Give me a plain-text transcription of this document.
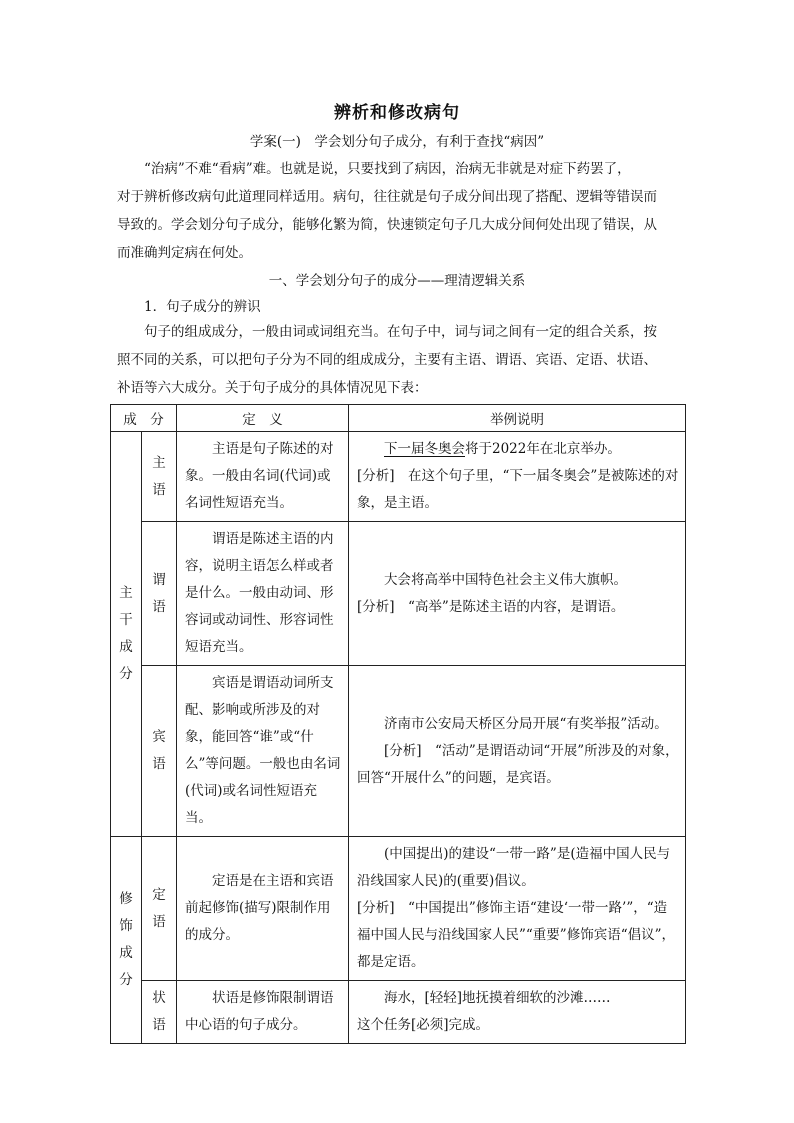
辨析和修改病句
学案(一)　学会划分句子成分，有利于查找“病因”
“治病”不难“看病”难。也就是说，只要找到了病因，治病无非就是对症下药罢了，
对于辨析修改病句此道理同样适用。病句，往往就是句子成分间出现了搭配、逻辑等错误而
导致的。学会划分句子成分，能够化繁为简，快速锁定句子几大成分间何处出现了错误，从
而准确判定病在何处。
一、学会划分句子的成分——理清逻辑关系
1．句子成分的辨识
句子的组成成分，一般由词或词组充当。在句子中，词与词之间有一定的组合关系，按
照不同的关系，可以把句子分为不同的组成成分，主要有主语、谓语、宾语、定语、状语、
补语等六大成分。关于句子成分的具体情况见下表：
成　分		定　义	举例说明

主干成分	主语	主语是句子陈述的对象。一般由名词(代词)或名词性短语充当。	下一届冬奥会将于2022年在北京举办。
[分析]　在这个句子里，“下一届冬奥会”是被陈述的对象，是主语。

	谓语	谓语是陈述主语的内容，说明主语怎么样或者是什么。一般由动词、形容词或动词性、形容词性短语充当。	大会将高举中国特色社会主义伟大旗帜。
[分析]　“高举”是陈述主语的内容，是谓语。

	宾语	宾语是谓语动词所支配、影响或所涉及的对象，能回答“谁”或“什么”等问题。一般也由名词(代词)或名词性短语充当。	济南市公安局天桥区分局开展“有奖举报”活动。
[分析]　“活动”是谓语动词“开展”所涉及的对象，回答“开展什么”的问题，是宾语。

修饰成分	定语	定语是在主语和宾语前起修饰(描写)限制作用的成分。	(中国提出)的建设“一带一路”是(造福中国人民与沿线国家人民)的(重要)倡议。
[分析]　“中国提出”修饰主语“建设‘一带一路’”，“造福中国人民与沿线国家人民”“重要”修饰宾语“倡议”，都是定语。

	状语	状语是修饰限制谓语中心语的句子成分。	海水，[轻轻]地抚摸着细软的沙滩……
这个任务[必须]完成。
